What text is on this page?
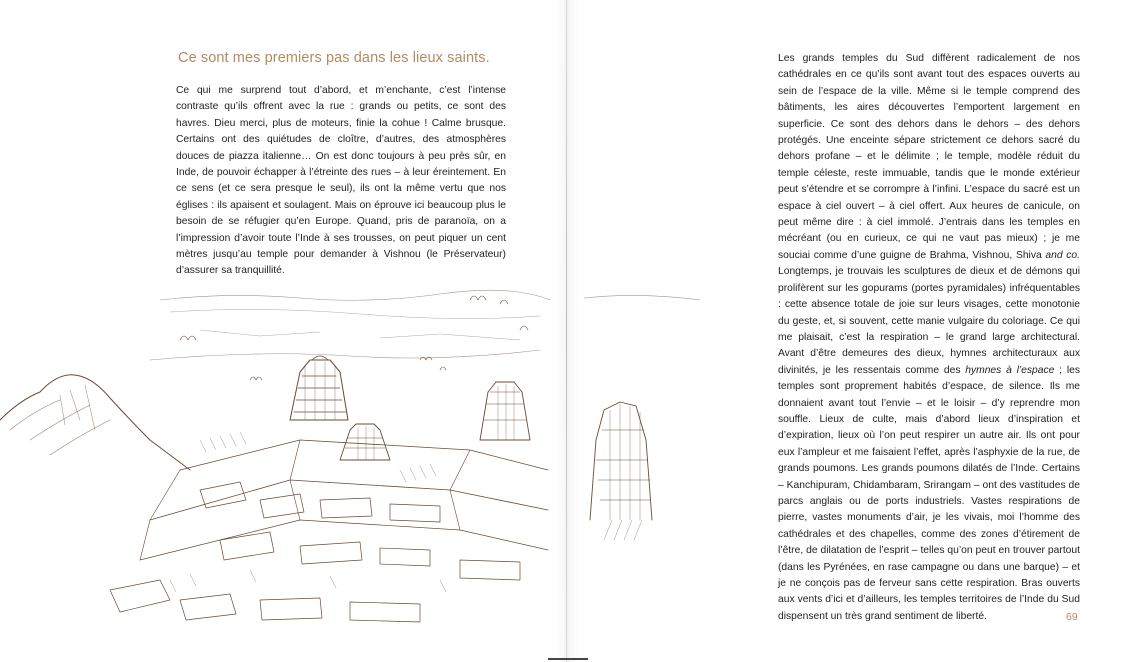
Ce sont mes premiers pas dans les lieux saints.

Ce qui me surprend tout d’abord, et m’enchante, c’est l’intense contraste qu’ils offrent avec la rue : grands ou petits, ce sont des havres. Dieu merci, plus de moteurs, finie la cohue ! Calme brusque. Certains ont des quiétudes de cloître, d’autres, des atmosphères douces de piazza italienne… On est donc toujours à peu près sûr, en Inde, de pouvoir échapper à l’étreinte des rues – à leur éreintement. En ce sens (et ce sera presque le seul), ils ont la même vertu que nos églises : ils apaisent et soulagent. Mais on éprouve ici beaucoup plus le besoin de se réfugier qu’en Europe. Quand, pris de paranoïa, on a l’impression d’avoir toute l’Inde à ses trousses, on peut piquer un cent mètres jusqu’au temple pour demander à Vishnou (le Préservateur) d’assurer sa tranquillité.

Les grands temples du Sud diffèrent radicalement de nos cathédrales en ce qu’ils sont avant tout des espaces ouverts au sein de l’espace de la ville. Même si le temple comprend des bâtiments, les aires découvertes l’emportent largement en superficie. Ce sont des dehors dans le dehors – des dehors protégés. Une enceinte sépare strictement ce dehors sacré du dehors profane – et le délimite ; le temple, modèle réduit du temple céleste, reste immuable, tandis que le monde extérieur peut s’étendre et se corrompre à l’infini. L’espace du sacré est un espace à ciel ouvert – à ciel offert. Aux heures de canicule, on peut même dire : à ciel immolé. J’entrais dans les temples en mécréant (ou en curieux, ce qui ne vaut pas mieux) ; je me souciai comme d’une guigne de Brahma, Vishnou, Shiva and co. Longtemps, je trouvais les sculptures de dieux et de démons qui prolifèrent sur les gopurams (portes pyramidales) infréquentables : cette absence totale de joie sur leurs visages, cette monotonie du geste, et, si souvent, cette manie vulgaire du coloriage. Ce qui me plaisait, c’est la respiration – le grand large architectural. Avant d’être demeures des dieux, hymnes architecturaux aux divinités, je les ressentais comme des hymnes à l’espace ; les temples sont proprement habités d’espace, de silence. Ils me donnaient avant tout l’envie – et le loisir – d’y reprendre mon souffle. Lieux de culte, mais d’abord lieux d’inspiration et d’expiration, lieux où l’on peut respirer un autre air. Ils ont pour eux l’ampleur et me faisaient l’effet, après l’asphyxie de la rue, de grands poumons. Les grands poumons dilatés de l’Inde. Certains – Kanchipuram, Chidambaram, Srirangam – ont des vastitudes de parcs anglais ou de ports industriels. Vastes respirations de pierre, vastes monuments d’air, je les vivais, moi l’homme des cathédrales et des chapelles, comme des zones d’étirement de l’être, de dilatation de l’esprit – telles qu’on peut en trouver partout (dans les Pyrénées, en rase campagne ou dans une barque) – et je ne conçois pas de ferveur sans cette respiration. Bras ouverts aux vents d’ici et d’ailleurs, les temples territoires de l’Inde du Sud dispensent un très grand sentiment de liberté.	69
